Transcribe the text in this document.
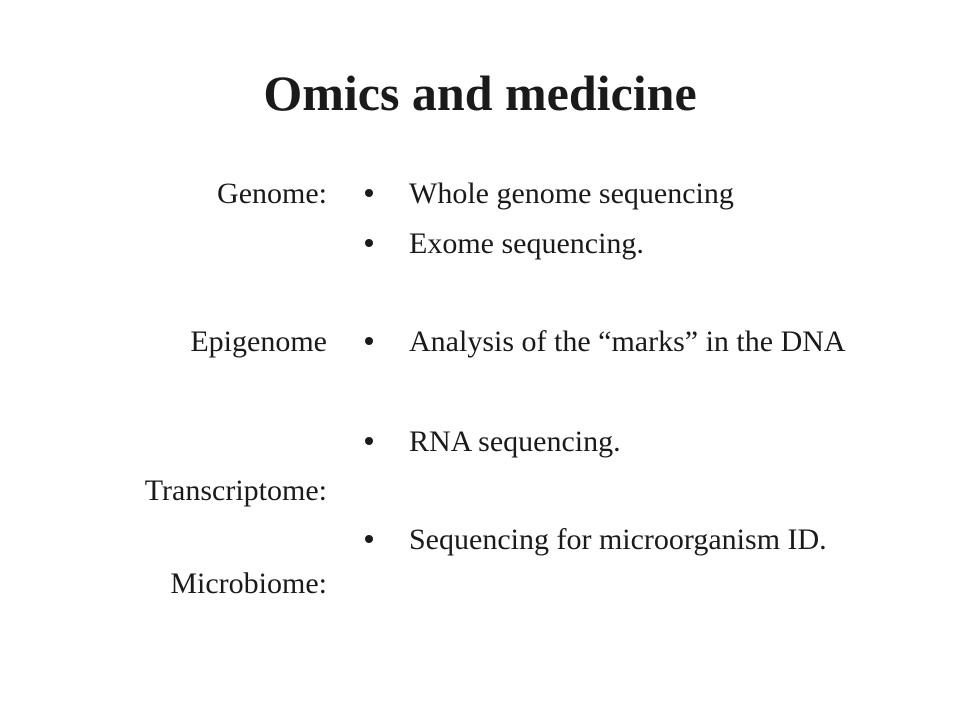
Omics and medicine
Genome:
Epigenome
Transcriptome:
Microbiome:
Whole genome sequencing
Exome sequencing.
Analysis of the “marks” in the DNA
RNA sequencing.
Sequencing for microorganism ID.
